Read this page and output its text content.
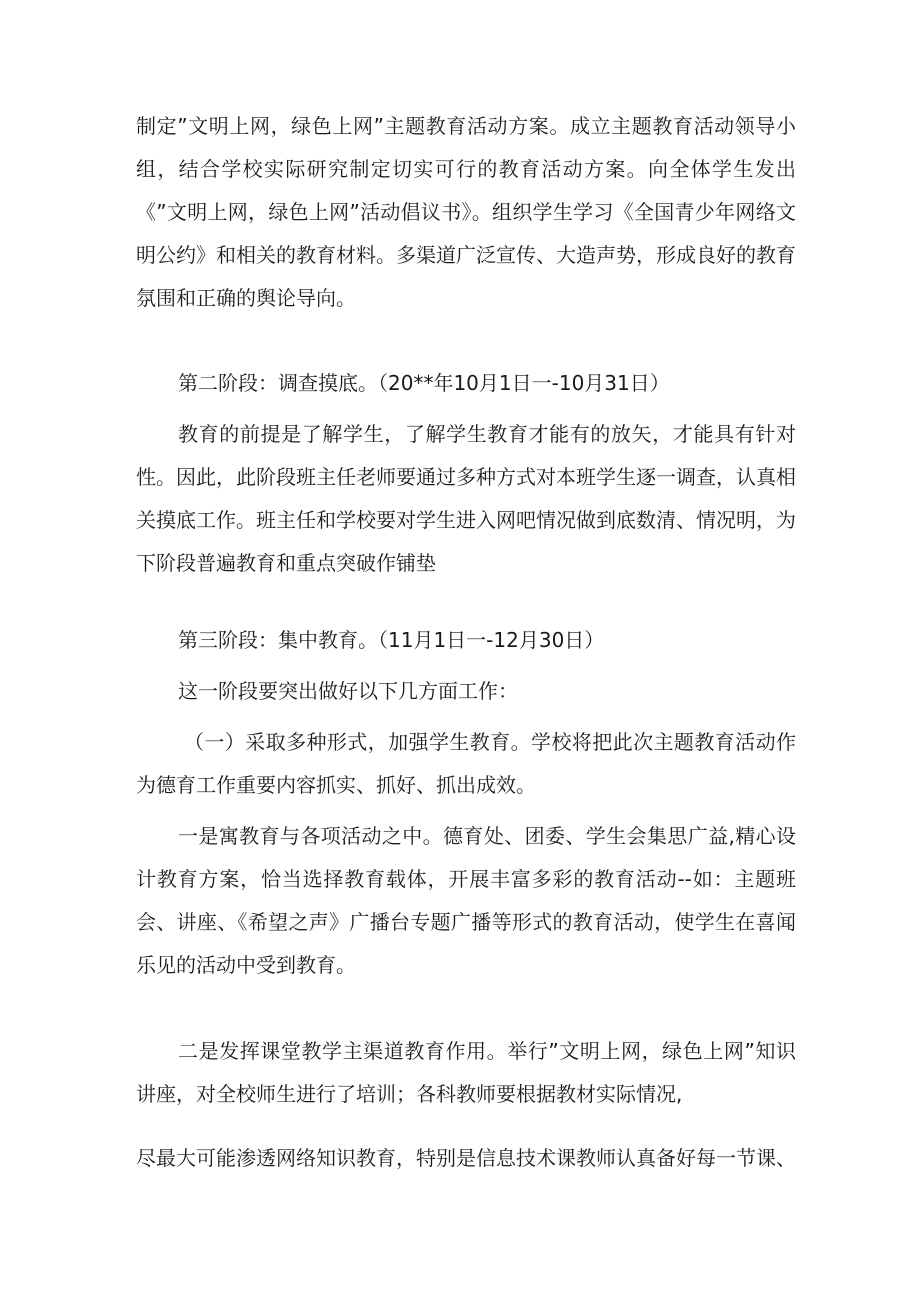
制定”文明上网，绿色上网”主题教育活动方案。成立主题教育活动领导小组，结合学校实际研究制定切实可行的教育活动方案。向全体学生发出《”文明上网，绿色上网”活动倡议书》。组织学生学习《全国青少年网络文明公约》和相关的教育材料。多渠道广泛宣传、大造声势，形成良好的教育氛围和正确的舆论导向。

第二阶段：调查摸底。（20**年10月1日一-10月31日）

教育的前提是了解学生，了解学生教育才能有的放矢，才能具有针对性。因此，此阶段班主任老师要通过多种方式对本班学生逐一调查，认真相关摸底工作。班主任和学校要对学生进入网吧情况做到底数清、情况明，为下阶段普遍教育和重点突破作铺垫

第三阶段：集中教育。（11月1日一-12月30日）

这一阶段要突出做好以下几方面工作：

（一）采取多种形式，加强学生教育。学校将把此次主题教育活动作为德育工作重要内容抓实、抓好、抓出成效。

一是寓教育与各项活动之中。德育处、团委、学生会集思广益,精心设计教育方案，恰当选择教育载体，开展丰富多彩的教育活动--如：主题班会、讲座、《希望之声》广播台专题广播等形式的教育活动，使学生在喜闻乐见的活动中受到教育。

二是发挥课堂教学主渠道教育作用。举行”文明上网，绿色上网”知识讲座，对全校师生进行了培训；各科教师要根据教材实际情况,

尽最大可能渗透网络知识教育，特别是信息技术课教师认真备好每一节课、
